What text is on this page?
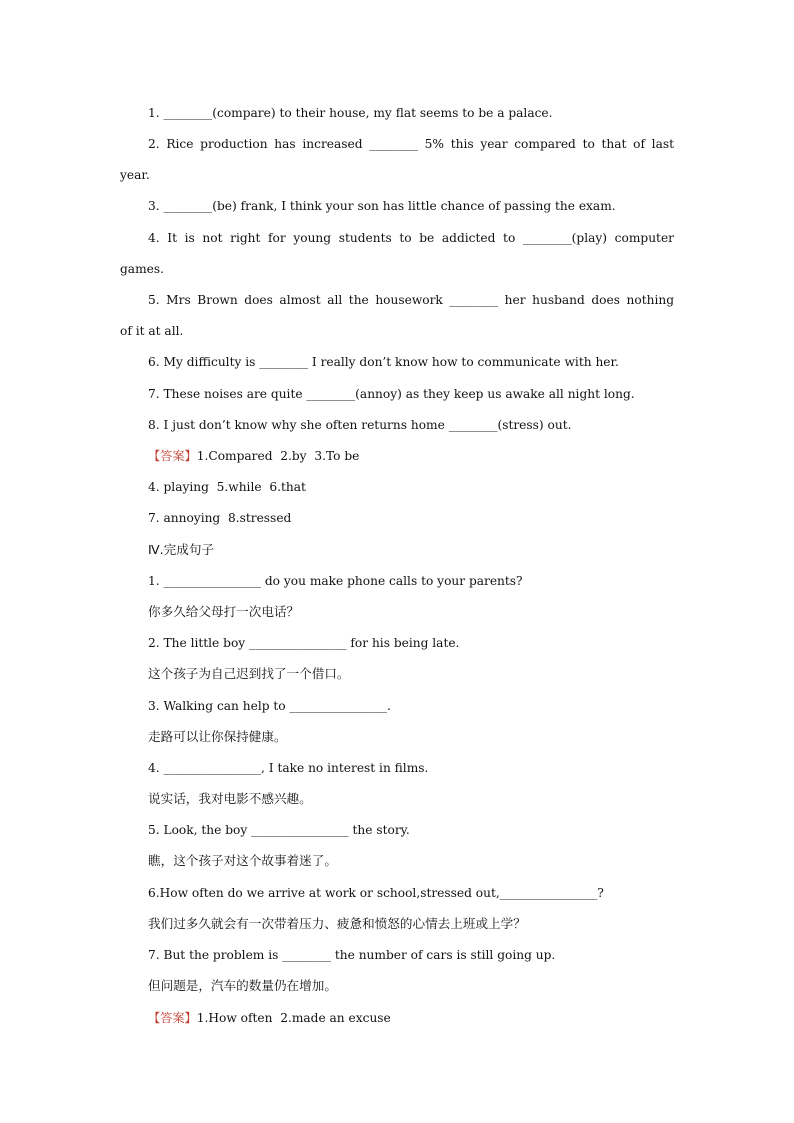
1. ________(compare) to their house, my flat seems to be a palace.
2. Rice production has increased ________ 5% this year compared to that of last
year.
3. ________(be) frank, I think your son has little chance of passing the exam.
4. It is not right for young students to be addicted to ________(play) computer
games.
5. Mrs Brown does almost all the housework ________ her husband does nothing
of it at all.
6. My difficulty is ________ I really don’t know how to communicate with her.
7. These noises are quite ________(annoy) as they keep us awake all night long.
8. I just don’t know why she often returns home ________(stress) out.
【答案】1.Compared  2.by  3.To be
4. playing  5.while  6.that
7. annoying  8.stressed
Ⅳ.完成句子
1. ________________ do you make phone calls to your parents?
你多久给父母打一次电话？
2. The little boy ________________ for his being late.
这个孩子为自己迟到找了一个借口。
3. Walking can help to ________________.
走路可以让你保持健康。
4. ________________, I take no interest in films.
说实话，我对电影不感兴趣。
5. Look, the boy ________________ the story.
瞧，这个孩子对这个故事着迷了。
6.How often do we arrive at work or school,stressed out,________________?
我们过多久就会有一次带着压力、疲惫和愤怒的心情去上班或上学？
7. But the problem is ________ the number of cars is still going up.
但问题是，汽车的数量仍在增加。
【答案】1.How often  2.made an excuse
